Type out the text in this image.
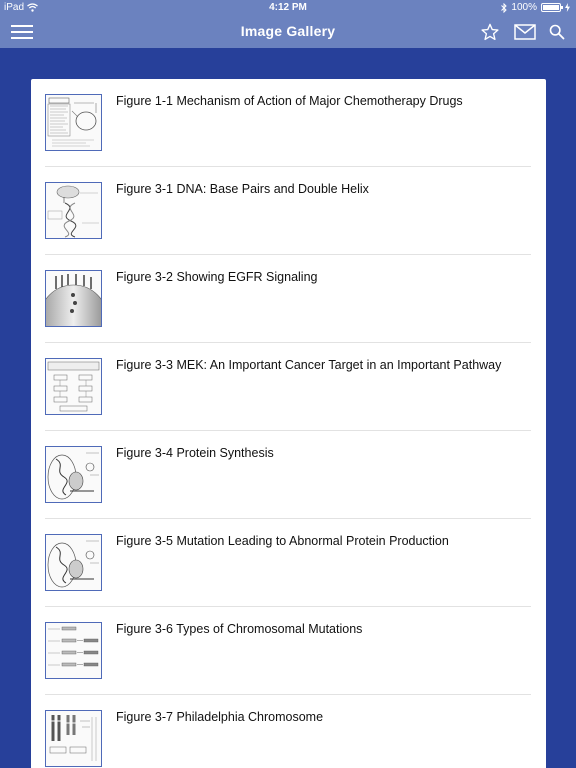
iPad	4:12 PM	100%
Image Gallery
Figure 1-1 Mechanism of Action of Major Chemotherapy Drugs
Figure 3-1 DNA: Base Pairs and Double Helix
Figure 3-2 Showing EGFR Signaling
Figure 3-3 MEK: An Important Cancer Target in an Important Pathway
Figure 3-4 Protein Synthesis
Figure 3-5 Mutation Leading to Abnormal Protein Production
Figure 3-6 Types of Chromosomal Mutations
Figure 3-7 Philadelphia Chromosome
